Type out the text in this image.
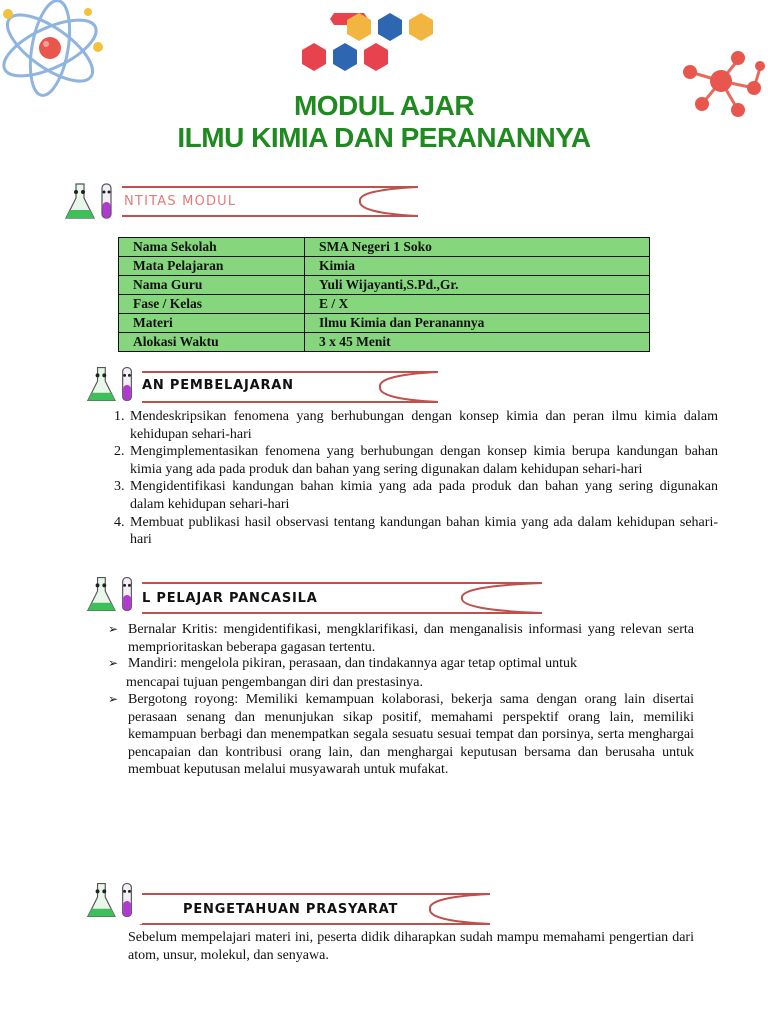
MODUL AJAR
ILMU KIMIA DAN PERANANNYA
NTITAS MODUL
Nama Sekolah	SMA Negeri 1 Soko
Mata Pelajaran	Kimia
Nama Guru	Yuli Wijayanti,S.Pd.,Gr.
Fase / Kelas	E / X
Materi	Ilmu Kimia dan Peranannya
Alokasi Waktu	3 x 45 Menit
AN PEMBELAJARAN
1. Mendeskripsikan fenomena yang berhubungan dengan konsep kimia dan peran ilmu kimia dalam kehidupan sehari-hari
2. Mengimplementasikan fenomena yang berhubungan dengan konsep kimia berupa kandungan bahan kimia yang ada pada produk dan bahan yang sering digunakan dalam kehidupan sehari-hari
3. Mengidentifikasi kandungan bahan kimia yang ada pada produk dan bahan yang sering digunakan dalam kehidupan sehari-hari
4. Membuat publikasi hasil observasi tentang kandungan bahan kimia yang ada dalam kehidupan sehari-hari
L PELAJAR PANCASILA
➢ Bernalar Kritis: mengidentifikasi, mengklarifikasi, dan menganalisis informasi yang relevan serta memprioritaskan beberapa gagasan tertentu.
➢ Mandiri: mengelola pikiran, perasaan, dan tindakannya agar tetap optimal untuk
mencapai tujuan pengembangan diri dan prestasinya.
➢ Bergotong royong: Memiliki kemampuan kolaborasi, bekerja sama dengan orang lain disertai perasaan senang dan menunjukan sikap positif, memahami perspektif orang lain, memiliki kemampuan berbagi dan menempatkan segala sesuatu sesuai tempat dan porsinya, serta menghargai pencapaian dan kontribusi orang lain, dan menghargai keputusan bersama dan berusaha untuk membuat keputusan melalui musyawarah untuk mufakat.
PENGETAHUAN PRASYARAT
Sebelum mempelajari materi ini, peserta didik diharapkan sudah mampu memahami pengertian dari atom, unsur, molekul, dan senyawa.
